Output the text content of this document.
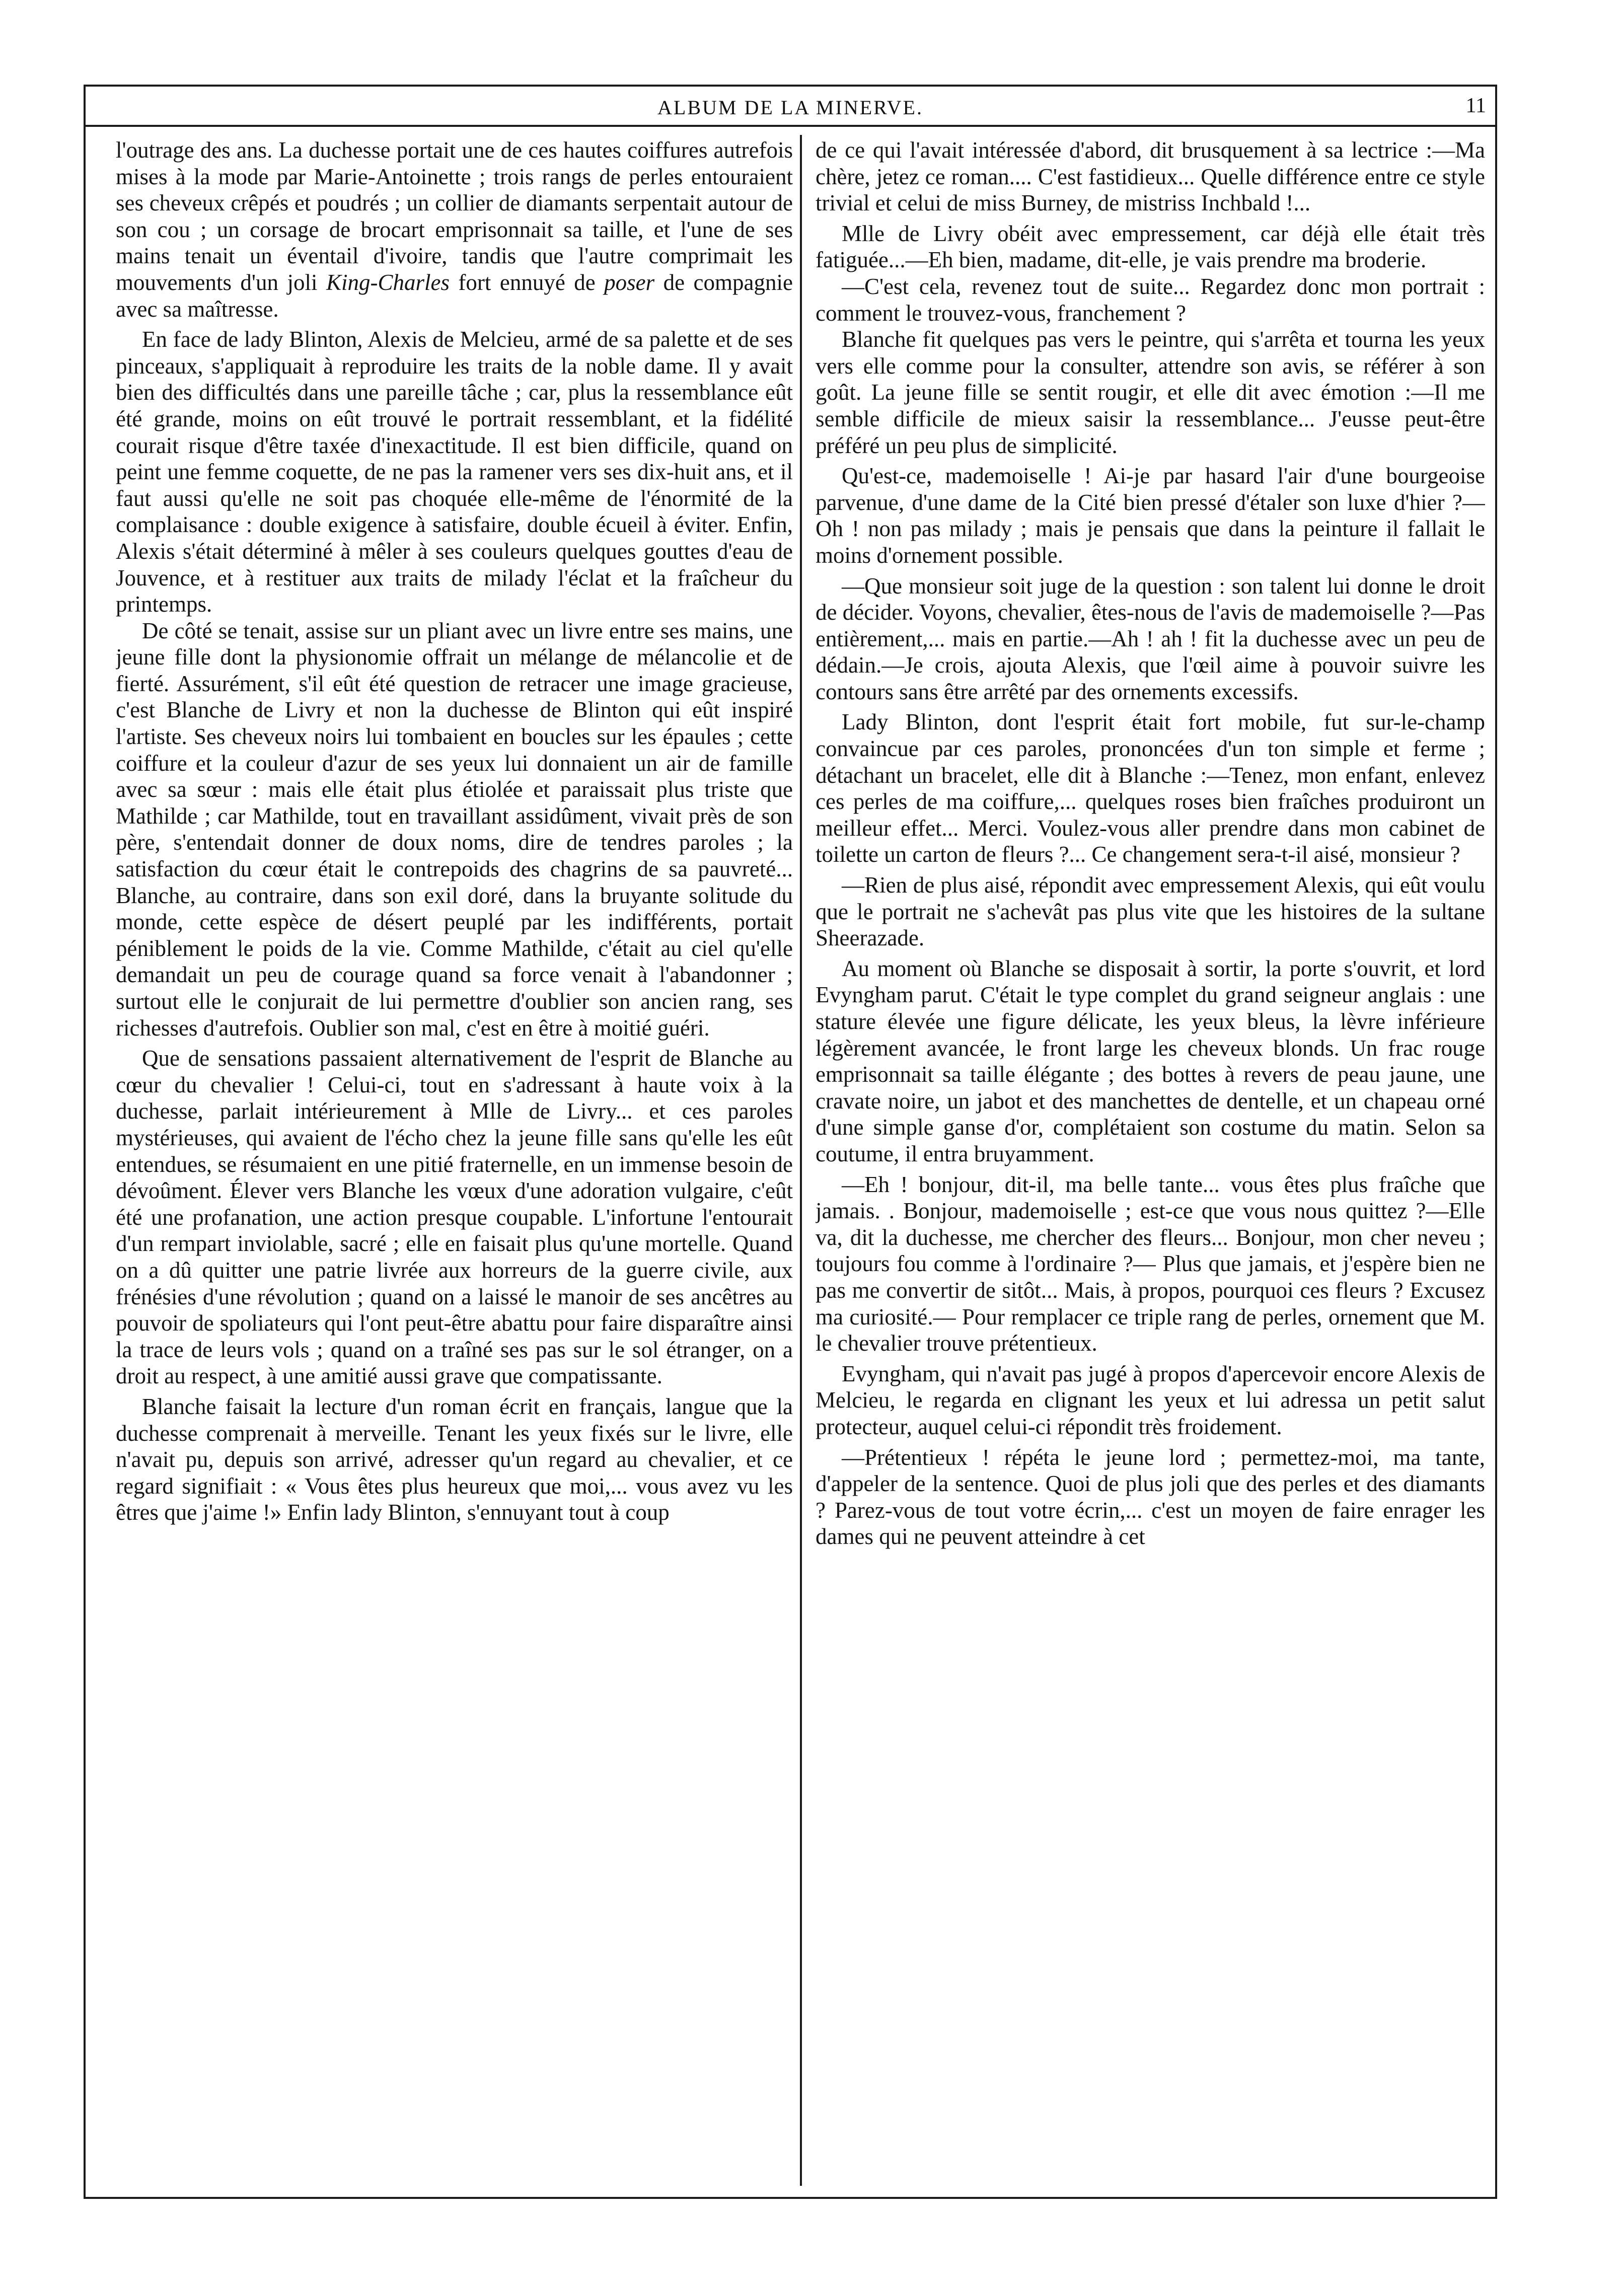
ALBUM DE LA MINERVE.	11

l'outrage des ans. La duchesse portait une de ces hautes coiffures autrefois mises à la mode par Marie-Antoinette ; trois rangs de perles entouraient ses cheveux crêpés et poudrés ; un collier de diamants serpentait autour de son cou ; un corsage de brocart emprisonnait sa taille, et l'une de ses mains tenait un éventail d'ivoire, tandis que l'autre comprimait les mouvements d'un joli King-Charles fort ennuyé de poser de compagnie avec sa maîtresse.

En face de lady Blinton, Alexis de Melcieu, armé de sa palette et de ses pinceaux, s'appliquait à reproduire les traits de la noble dame. Il y avait bien des difficultés dans une pareille tâche ; car, plus la ressemblance eût été grande, moins on eût trouvé le portrait ressemblant, et la fidélité courait risque d'être taxée d'inexactitude. Il est bien difficile, quand on peint une femme coquette, de ne pas la ramener vers ses dix-huit ans, et il faut aussi qu'elle ne soit pas choquée elle-même de l'énormité de la complaisance : double exigence à satisfaire, double écueil à éviter. Enfin, Alexis s'était déterminé à mêler à ses couleurs quelques gouttes d'eau de Jouvence, et à restituer aux traits de milady l'éclat et la fraîcheur du printemps.

De côté se tenait, assise sur un pliant avec un livre entre ses mains, une jeune fille dont la physionomie offrait un mélange de mélancolie et de fierté. Assurément, s'il eût été question de retracer une image gracieuse, c'est Blanche de Livry et non la duchesse de Blinton qui eût inspiré l'artiste. Ses cheveux noirs lui tombaient en boucles sur les épaules ; cette coiffure et la couleur d'azur de ses yeux lui donnaient un air de famille avec sa sœur : mais elle était plus étiolée et paraissait plus triste que Mathilde ; car Mathilde, tout en travaillant assidûment, vivait près de son père, s'entendait donner de doux noms, dire de tendres paroles ; la satisfaction du cœur était le contrepoids des chagrins de sa pauvreté... Blanche, au contraire, dans son exil doré, dans la bruyante solitude du monde, cette espèce de désert peuplé par les indifférents, portait péniblement le poids de la vie. Comme Mathilde, c'était au ciel qu'elle demandait un peu de courage quand sa force venait à l'abandonner ; surtout elle le conjurait de lui permettre d'oublier son ancien rang, ses richesses d'autrefois. Oublier son mal, c'est en être à moitié guéri.

Que de sensations passaient alternativement de l'esprit de Blanche au cœur du chevalier ! Celui-ci, tout en s'adressant à haute voix à la duchesse, parlait intérieurement à Mlle de Livry... et ces paroles mystérieuses, qui avaient de l'écho chez la jeune fille sans qu'elle les eût entendues, se résumaient en une pitié fraternelle, en un immense besoin de dévoûment. Élever vers Blanche les vœux d'une adoration vulgaire, c'eût été une profanation, une action presque coupable. L'infortune l'entourait d'un rempart inviolable, sacré ; elle en faisait plus qu'une mortelle. Quand on a dû quitter une patrie livrée aux horreurs de la guerre civile, aux frénésies d'une révolution ; quand on a laissé le manoir de ses ancêtres au pouvoir de spoliateurs qui l'ont peut-être abattu pour faire disparaître ainsi la trace de leurs vols ; quand on a traîné ses pas sur le sol étranger, on a droit au respect, à une amitié aussi grave que compatissante.

Blanche faisait la lecture d'un roman écrit en français, langue que la duchesse comprenait à merveille. Tenant les yeux fixés sur le livre, elle n'avait pu, depuis son arrivé, adresser qu'un regard au chevalier, et ce regard signifiait : « Vous êtes plus heureux que moi,... vous avez vu les êtres que j'aime !» Enfin lady Blinton, s'ennuyant tout à coup

de ce qui l'avait intéressée d'abord, dit brusquement à sa lectrice :—Ma chère, jetez ce roman.... C'est fastidieux... Quelle différence entre ce style trivial et celui de miss Burney, de mistriss Inchbald !...

Mlle de Livry obéit avec empressement, car déjà elle était très fatiguée...—Eh bien, madame, dit-elle, je vais prendre ma broderie.

—C'est cela, revenez tout de suite... Regardez donc mon portrait : comment le trouvez-vous, franchement ?

Blanche fit quelques pas vers le peintre, qui s'arrêta et tourna les yeux vers elle comme pour la consulter, attendre son avis, se référer à son goût. La jeune fille se sentit rougir, et elle dit avec émotion :—Il me semble difficile de mieux saisir la ressemblance... J'eusse peut-être préféré un peu plus de simplicité.

Qu'est-ce, mademoiselle ! Ai-je par hasard l'air d'une bourgeoise parvenue, d'une dame de la Cité bien pressé d'étaler son luxe d'hier ?—Oh ! non pas milady ; mais je pensais que dans la peinture il fallait le moins d'ornement possible.

—Que monsieur soit juge de la question : son talent lui donne le droit de décider. Voyons, chevalier, êtes-nous de l'avis de mademoiselle ?—Pas entièrement,... mais en partie.—Ah ! ah ! fit la duchesse avec un peu de dédain.—Je crois, ajouta Alexis, que l'œil aime à pouvoir suivre les contours sans être arrêté par des ornements excessifs.

Lady Blinton, dont l'esprit était fort mobile, fut sur-le-champ convaincue par ces paroles, prononcées d'un ton simple et ferme ; détachant un bracelet, elle dit à Blanche :—Tenez, mon enfant, enlevez ces perles de ma coiffure,... quelques roses bien fraîches produiront un meilleur effet... Merci. Voulez-vous aller prendre dans mon cabinet de toilette un carton de fleurs ?... Ce changement sera-t-il aisé, monsieur ?

—Rien de plus aisé, répondit avec empressement Alexis, qui eût voulu que le portrait ne s'achevât pas plus vite que les histoires de la sultane Sheerazade.

Au moment où Blanche se disposait à sortir, la porte s'ouvrit, et lord Evyngham parut. C'était le type complet du grand seigneur anglais : une stature élevée une figure délicate, les yeux bleus, la lèvre inférieure légèrement avancée, le front large les cheveux blonds. Un frac rouge emprisonnait sa taille élégante ; des bottes à revers de peau jaune, une cravate noire, un jabot et des manchettes de dentelle, et un chapeau orné d'une simple ganse d'or, complétaient son costume du matin. Selon sa coutume, il entra bruyamment.

—Eh ! bonjour, dit-il, ma belle tante... vous êtes plus fraîche que jamais. . Bonjour, mademoiselle ; est-ce que vous nous quittez ?—Elle va, dit la duchesse, me chercher des fleurs... Bonjour, mon cher neveu ; toujours fou comme à l'ordinaire ?— Plus que jamais, et j'espère bien ne pas me convertir de sitôt... Mais, à propos, pourquoi ces fleurs ? Excusez ma curiosité.— Pour remplacer ce triple rang de perles, ornement que M. le chevalier trouve prétentieux.

Evyngham, qui n'avait pas jugé à propos d'apercevoir encore Alexis de Melcieu, le regarda en clignant les yeux et lui adressa un petit salut protecteur, auquel celui-ci répondit très froidement.

—Prétentieux ! répéta le jeune lord ; permettez-moi, ma tante, d'appeler de la sentence. Quoi de plus joli que des perles et des diamants ? Parez-vous de tout votre écrin,... c'est un moyen de faire enrager les dames qui ne peuvent atteindre à cet
